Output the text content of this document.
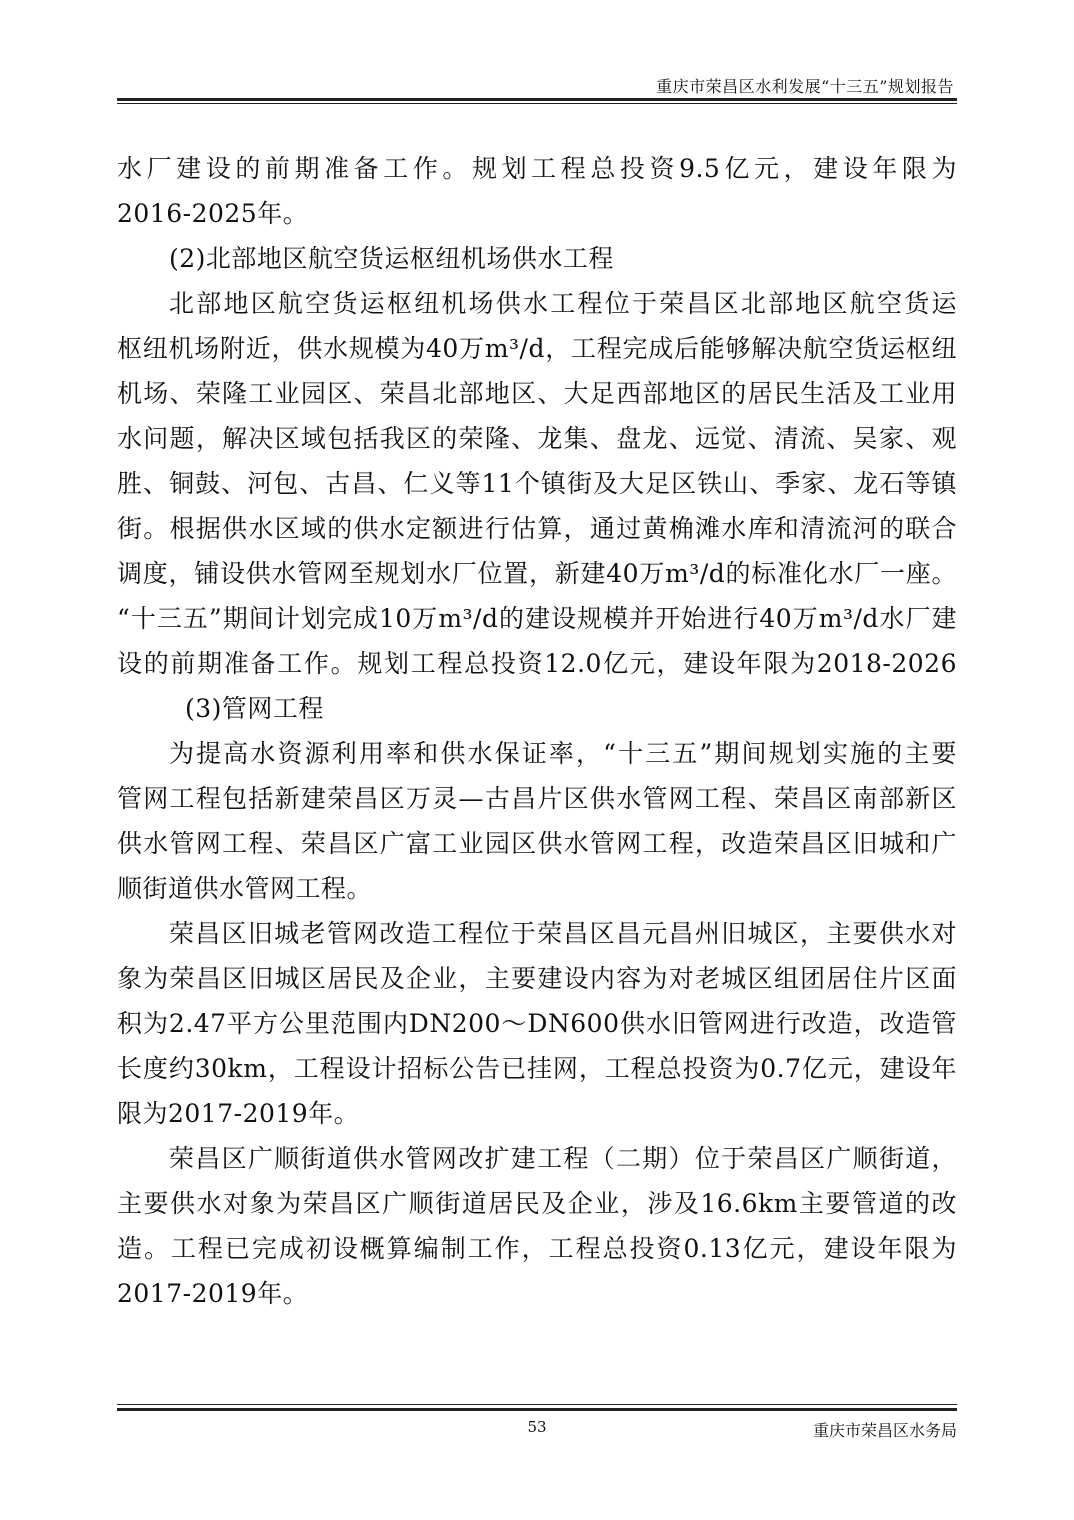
重庆市荣昌区水利发展“十三五”规划报告
水厂建设的前期准备工作。规划工程总投资9.5亿元，建设年限为
2016-2025年。
(2)北部地区航空货运枢纽机场供水工程
北部地区航空货运枢纽机场供水工程位于荣昌区北部地区航空货运
枢纽机场附近，供水规模为40万m³/d，工程完成后能够解决航空货运枢纽
机场、荣隆工业园区、荣昌北部地区、大足西部地区的居民生活及工业用
水问题，解决区域包括我区的荣隆、龙集、盘龙、远觉、清流、吴家、观
胜、铜鼓、河包、古昌、仁义等11个镇街及大足区铁山、季家、龙石等镇
街。根据供水区域的供水定额进行估算，通过黄桷滩水库和清流河的联合
调度，铺设供水管网至规划水厂位置，新建40万m³/d的标准化水厂一座。
“十三五”期间计划完成10万m³/d的建设规模并开始进行40万m³/d水厂建
设的前期准备工作。规划工程总投资12.0亿元，建设年限为2018-2026
(3)管网工程
为提高水资源利用率和供水保证率，“十三五”期间规划实施的主要
管网工程包括新建荣昌区万灵—古昌片区供水管网工程、荣昌区南部新区
供水管网工程、荣昌区广富工业园区供水管网工程，改造荣昌区旧城和广
顺街道供水管网工程。
荣昌区旧城老管网改造工程位于荣昌区昌元昌州旧城区，主要供水对
象为荣昌区旧城区居民及企业，主要建设内容为对老城区组团居住片区面
积为2.47平方公里范围内DN200～DN600供水旧管网进行改造，改造管
长度约30km，工程设计招标公告已挂网，工程总投资为0.7亿元，建设年
限为2017-2019年。
荣昌区广顺街道供水管网改扩建工程（二期）位于荣昌区广顺街道，
主要供水对象为荣昌区广顺街道居民及企业，涉及16.6km主要管道的改
造。工程已完成初设概算编制工作，工程总投资0.13亿元，建设年限为
2017-2019年。
53	重庆市荣昌区水务局
